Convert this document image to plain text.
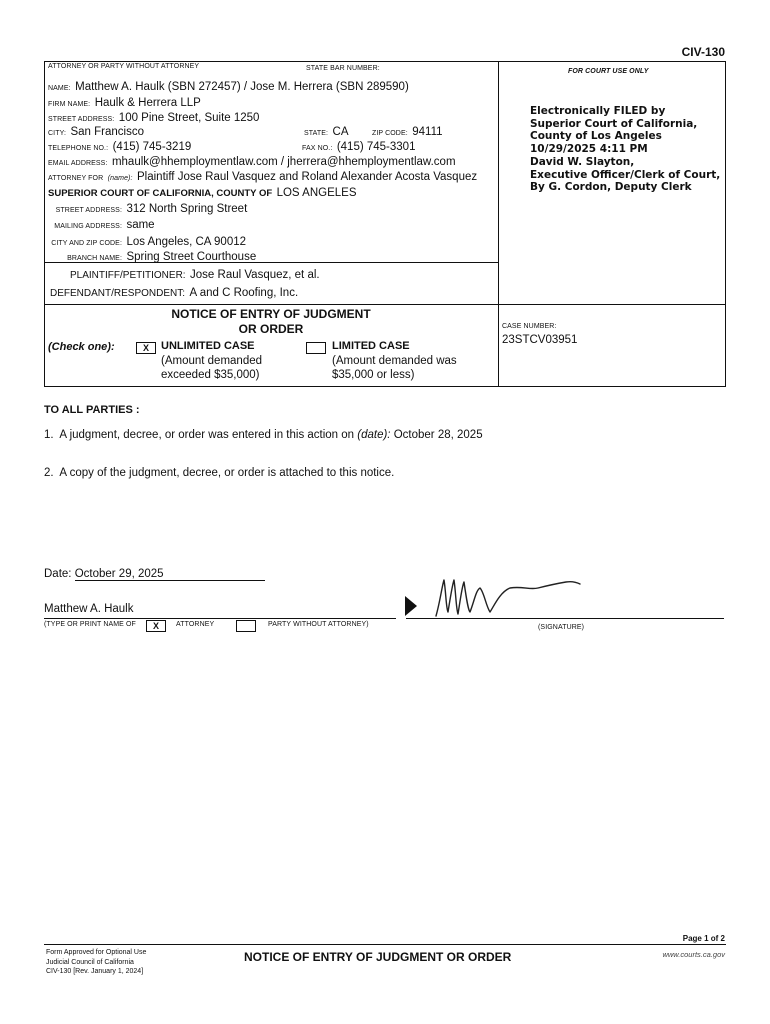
CIV-130
ATTORNEY OR PARTY WITHOUT ATTORNEY	STATE BAR NUMBER:	FOR COURT USE ONLY
NAME: Matthew A. Haulk (SBN 272457) / Jose M. Herrera (SBN 289590)
FIRM NAME: Haulk & Herrera LLP
STREET ADDRESS: 100 Pine Street, Suite 1250
CITY: San Francisco	STATE: CA	ZIP CODE: 94111
TELEPHONE NO.: (415) 745-3219	FAX NO.: (415) 745-3301
EMAIL ADDRESS: mhaulk@hhemploymentlaw.com / jherrera@hhemploymentlaw.com
ATTORNEY FOR (name): Plaintiff Jose Raul Vasquez and Roland Alexander Acosta Vasquez
SUPERIOR COURT OF CALIFORNIA, COUNTY OF LOS ANGELES
STREET ADDRESS: 312 North Spring Street
MAILING ADDRESS: same
CITY AND ZIP CODE: Los Angeles, CA 90012
BRANCH NAME: Spring Street Courthouse
PLAINTIFF/PETITIONER: Jose Raul Vasquez, et al.
DEFENDANT/RESPONDENT: A and C Roofing, Inc.
Electronically FILED by
Superior Court of California,
County of Los Angeles
10/29/2025 4:11 PM
David W. Slayton,
Executive Officer/Clerk of Court,
By G. Cordon, Deputy Clerk
NOTICE OF ENTRY OF JUDGMENT
OR ORDER
(Check one):	X	UNLIMITED CASE
(Amount demanded
exceeded $35,000)
LIMITED CASE
(Amount demanded was
$35,000 or less)
CASE NUMBER:
23STCV03951
TO ALL PARTIES :
1. A judgment, decree, or order was entered in this action on (date): October 28, 2025
2. A copy of the judgment, decree, or order is attached to this notice.
Date: October 29, 2025
Matthew A. Haulk
(TYPE OR PRINT NAME OF	X	ATTORNEY	PARTY WITHOUT ATTORNEY)	(SIGNATURE)
Page 1 of 2
Form Approved for Optional Use
Judicial Council of California
CIV-130 [Rev. January 1, 2024]
NOTICE OF ENTRY OF JUDGMENT OR ORDER	www.courts.ca.gov
